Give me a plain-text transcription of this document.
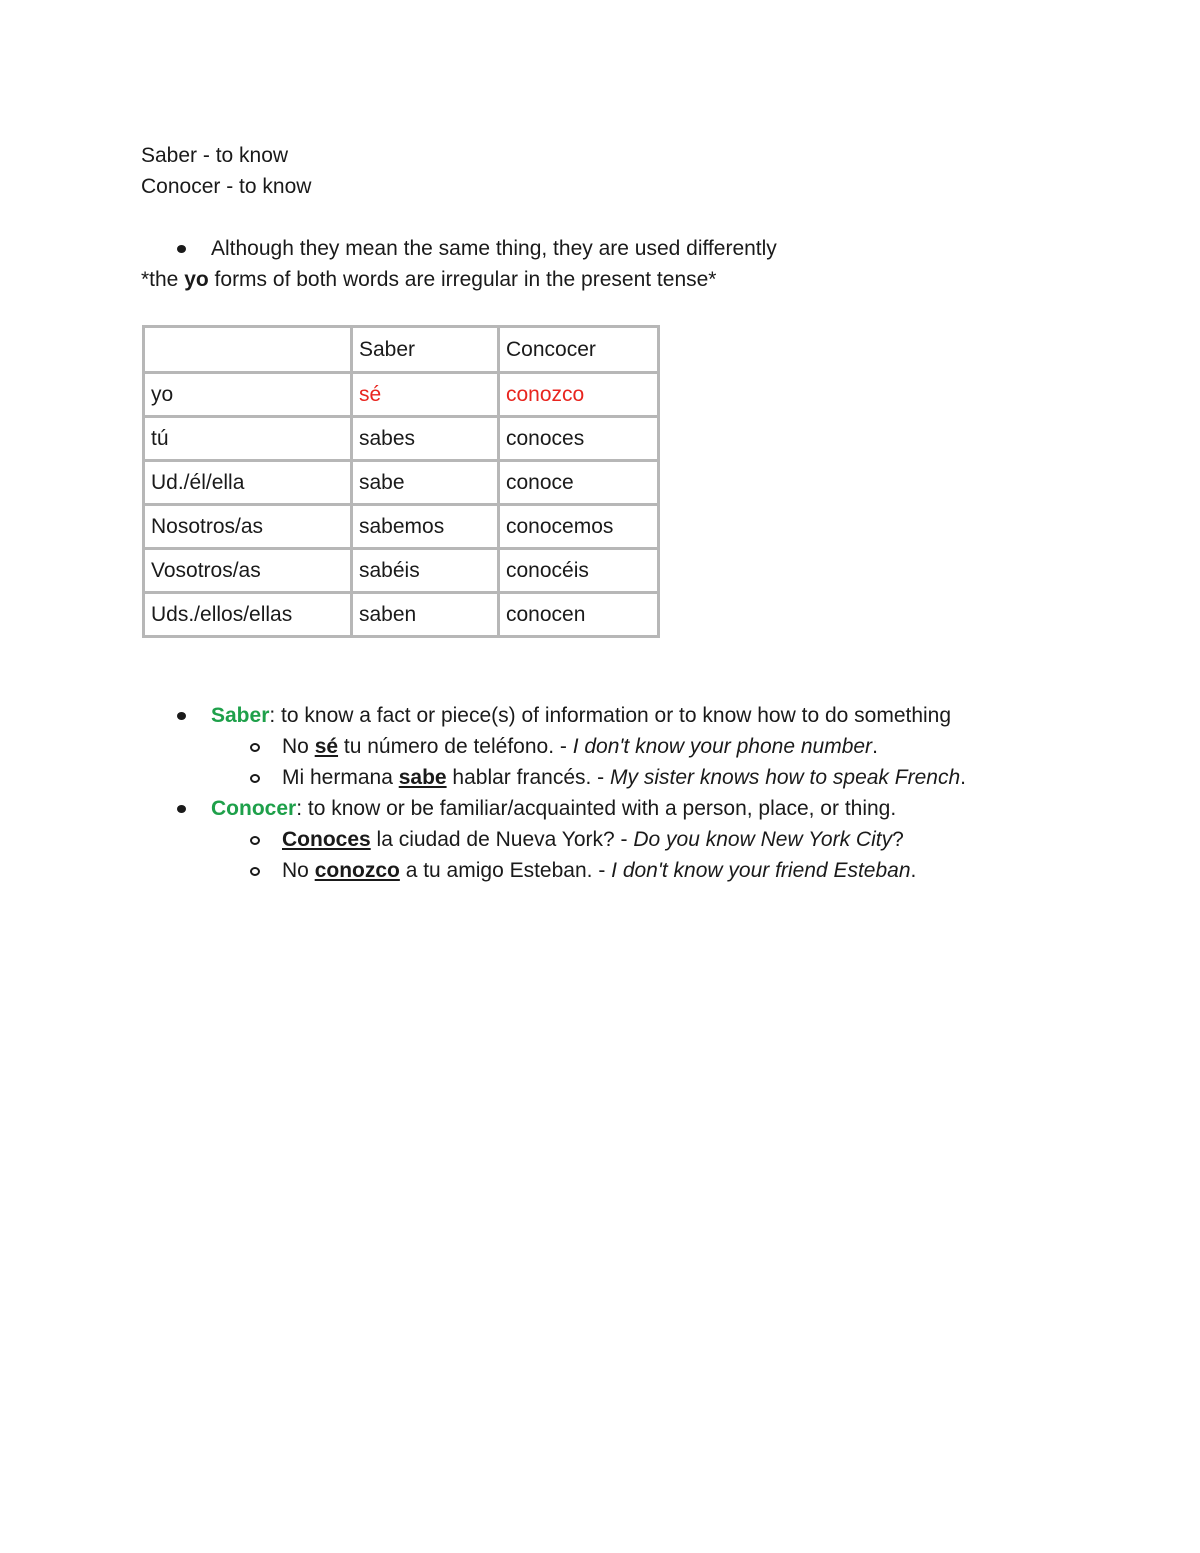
Saber - to know
Conocer - to know
Although they mean the same thing, they are used differently
*the yo forms of both words are irregular in the present tense*
	Saber	Concocer
yo	sé	conozco
tú	sabes	conoces
Ud./él/ella	sabe	conoce
Nosotros/as	sabemos	conocemos
Vosotros/as	sabéis	conocéis
Uds./ellos/ellas	saben	conocen
Saber: to know a fact or piece(s) of information or to know how to do something
No sé tu número de teléfono. - I don't know your phone number.
Mi hermana sabe hablar francés. - My sister knows how to speak French.
Conocer: to know or be familiar/acquainted with a person, place, or thing.
Conoces la ciudad de Nueva York? - Do you know New York City?
No conozco a tu amigo Esteban. - I don't know your friend Esteban.
